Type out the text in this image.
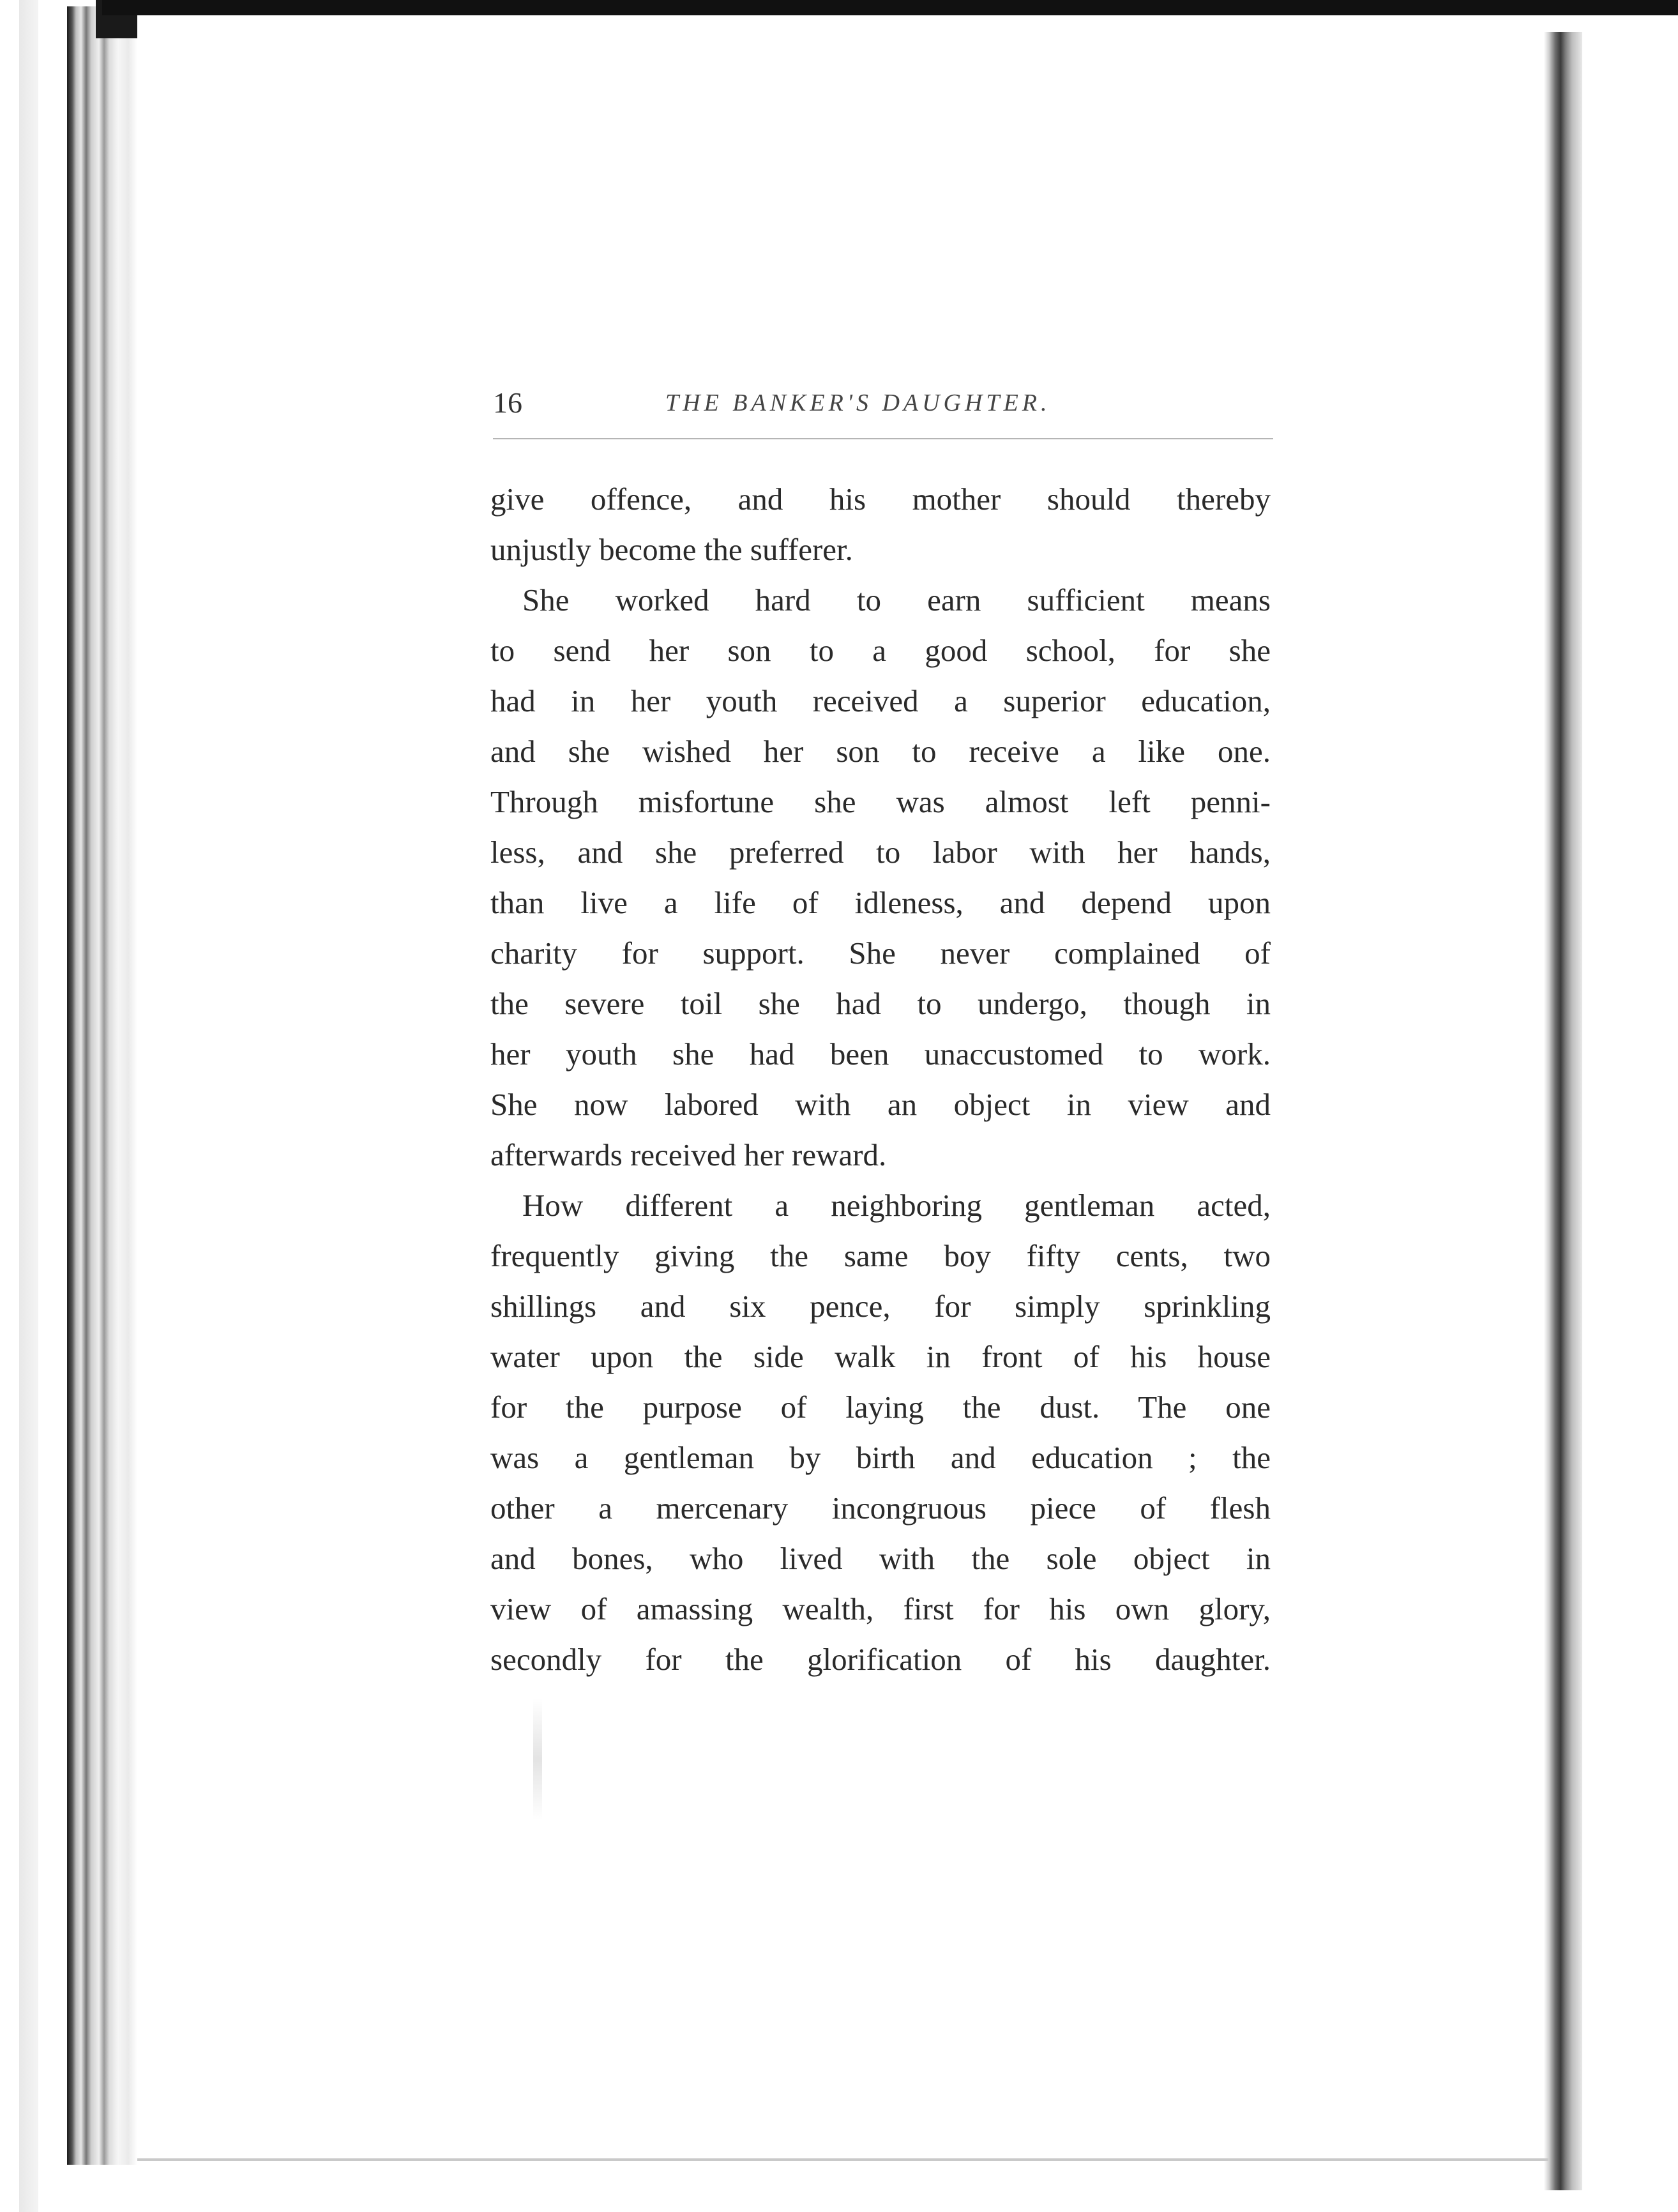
16	THE BANKER'S DAUGHTER.
give offence, and his mother should thereby
unjustly become the sufferer.
She worked hard to earn sufficient means
to send her son to a good school, for she
had in her youth received a superior education,
and she wished her son to receive a like one.
Through misfortune she was almost left penni-
less, and she preferred to labor with her hands,
than live a life of idleness, and depend upon
charity for support. She never complained of
the severe toil she had to undergo, though in
her youth she had been unaccustomed to work.
She now labored with an object in view and
afterwards received her reward.
How different a neighboring gentleman acted,
frequently giving the same boy fifty cents, two
shillings and six pence, for simply sprinkling
water upon the side walk in front of his house
for the purpose of laying the dust. The one
was a gentleman by birth and education ; the
other a mercenary incongruous piece of flesh
and bones, who lived with the sole object in
view of amassing wealth, first for his own glory,
secondly for the glorification of his daughter.
